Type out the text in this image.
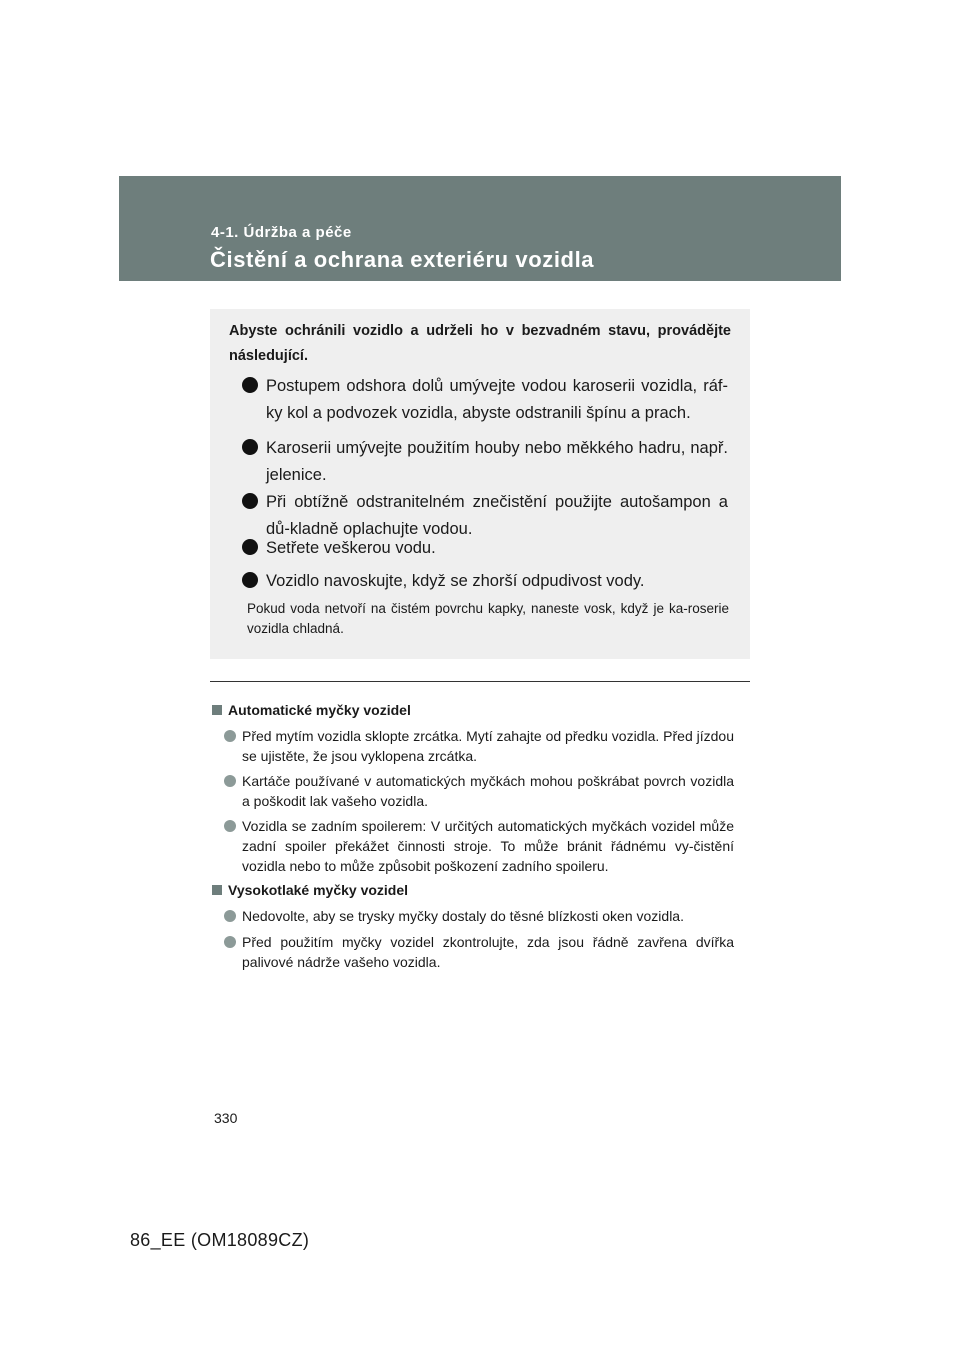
4-1. Údržba a péče
Čistění a ochrana exteriéru vozidla
Abyste ochránili vozidlo a udrželi ho v bezvadném stavu, provádějte následující.
Postupem odshora dolů umývejte vodou karoserii vozidla, ráf-ky kol a podvozek vozidla, abyste odstranili špínu a prach.
Karoserii umývejte použitím houby nebo měkkého hadru, např. jelenice.
Při obtížně odstranitelném znečistění použijte autošampon a dů-kladně oplachujte vodou.
Setřete veškerou vodu.
Vozidlo navoskujte, když se zhorší odpudivost vody.
Pokud voda netvoří na čistém povrchu kapky, naneste vosk, když je ka-roserie vozidla chladná.
Automatické myčky vozidel
Před mytím vozidla sklopte zrcátka. Mytí zahajte od předku vozidla. Před jízdou se ujistěte, že jsou vyklopena zrcátka.
Kartáče používané v automatických myčkách mohou poškrábat povrch vozidla a poškodit lak vašeho vozidla.
Vozidla se zadním spoilerem: V určitých automatických myčkách vozidel může zadní spoiler překážet činnosti stroje. To může bránit řádnému vy-čistění vozidla nebo to může způsobit poškození zadního spoileru.
Vysokotlaké myčky vozidel
Nedovolte, aby se trysky myčky dostaly do těsné blízkosti oken vozidla.
Před použitím myčky vozidel zkontrolujte, zda jsou řádně zavřena dvířka palivové nádrže vašeho vozidla.
330
86_EE (OM18089CZ)
